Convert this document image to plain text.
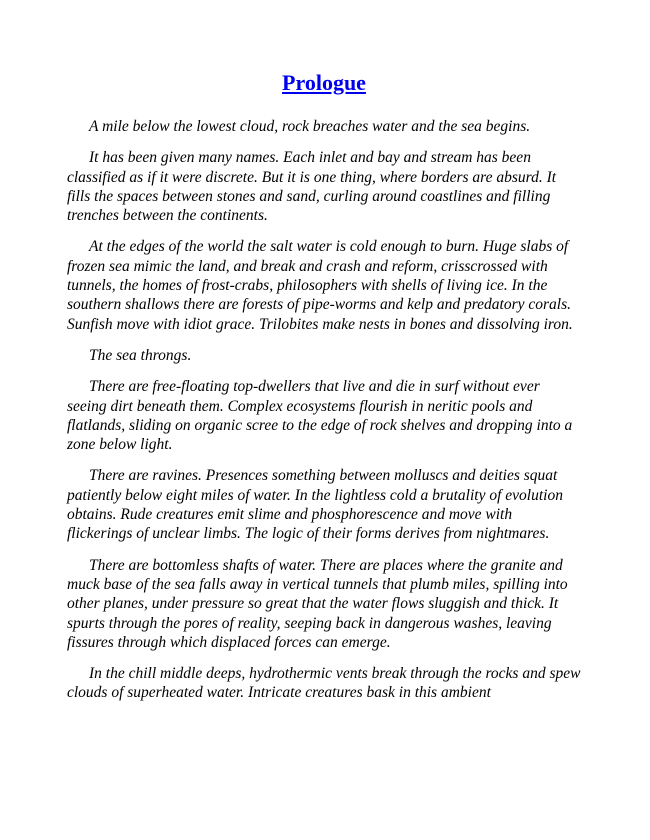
Prologue

A mile below the lowest cloud, rock breaches water and the sea begins.

It has been given many names. Each inlet and bay and stream has been classified as if it were discrete. But it is one thing, where borders are absurd. It fills the spaces between stones and sand, curling around coastlines and filling trenches between the continents.

At the edges of the world the salt water is cold enough to burn. Huge slabs of frozen sea mimic the land, and break and crash and reform, crisscrossed with tunnels, the homes of frost-crabs, philosophers with shells of living ice. In the southern shallows there are forests of pipe-worms and kelp and predatory corals. Sunfish move with idiot grace. Trilobites make nests in bones and dissolving iron.

The sea throngs.

There are free-floating top-dwellers that live and die in surf without ever seeing dirt beneath them. Complex ecosystems flourish in neritic pools and flatlands, sliding on organic scree to the edge of rock shelves and dropping into a zone below light.

There are ravines. Presences something between molluscs and deities squat patiently below eight miles of water. In the lightless cold a brutality of evolution obtains. Rude creatures emit slime and phosphorescence and move with flickerings of unclear limbs. The logic of their forms derives from nightmares.

There are bottomless shafts of water. There are places where the granite and muck base of the sea falls away in vertical tunnels that plumb miles, spilling into other planes, under pressure so great that the water flows sluggish and thick. It spurts through the pores of reality, seeping back in dangerous washes, leaving fissures through which displaced forces can emerge.

In the chill middle deeps, hydrothermic vents break through the rocks and spew clouds of superheated water. Intricate creatures bask in this ambient
